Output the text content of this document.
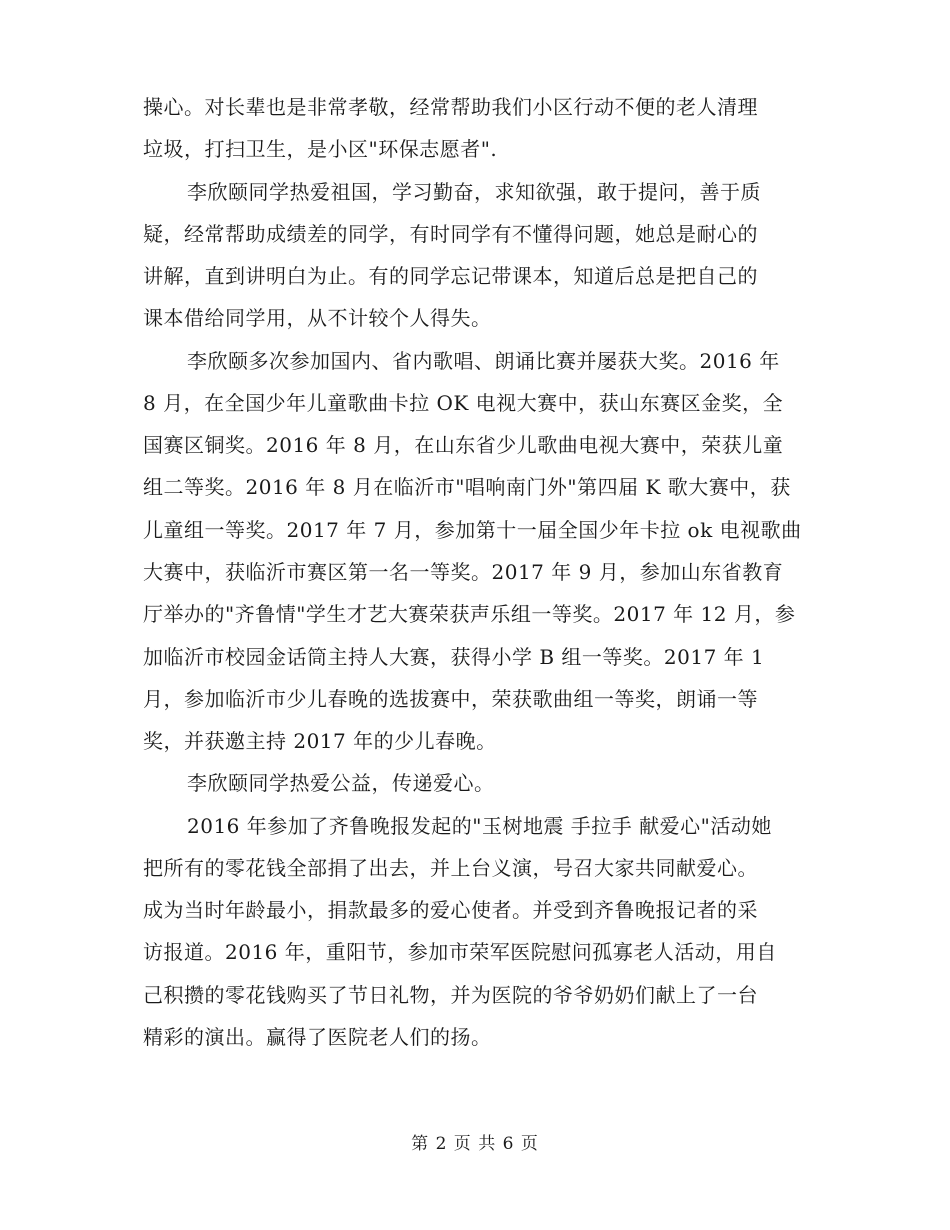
操心。对长辈也是非常孝敬，经常帮助我们小区行动不便的老人清理
垃圾，打扫卫生，是小区"环保志愿者".
李欣颐同学热爱祖国，学习勤奋，求知欲强，敢于提问，善于质
疑，经常帮助成绩差的同学，有时同学有不懂得问题，她总是耐心的
讲解，直到讲明白为止。有的同学忘记带课本，知道后总是把自己的
课本借给同学用，从不计较个人得失。
李欣颐多次参加国内、省内歌唱、朗诵比赛并屡获大奖。2016 年
8 月，在全国少年儿童歌曲卡拉 OK 电视大赛中，获山东赛区金奖，全
国赛区铜奖。2016 年 8 月，在山东省少儿歌曲电视大赛中，荣获儿童
组二等奖。2016 年 8 月在临沂市"唱响南门外"第四届 K 歌大赛中，获
儿童组一等奖。2017 年 7 月，参加第十一届全国少年卡拉 ok 电视歌曲
大赛中，获临沂市赛区第一名一等奖。2017 年 9 月，参加山东省教育
厅举办的"齐鲁情"学生才艺大赛荣获声乐组一等奖。2017 年 12 月，参
加临沂市校园金话筒主持人大赛，获得小学 B 组一等奖。2017 年 1
月，参加临沂市少儿春晚的选拔赛中，荣获歌曲组一等奖，朗诵一等
奖，并获邀主持 2017 年的少儿春晚。
李欣颐同学热爱公益，传递爱心。
2016 年参加了齐鲁晚报发起的"玉树地震 手拉手 献爱心"活动她
把所有的零花钱全部捐了出去，并上台义演，号召大家共同献爱心。
成为当时年龄最小，捐款最多的爱心使者。并受到齐鲁晚报记者的采
访报道。2016 年，重阳节，参加市荣军医院慰问孤寡老人活动，用自
己积攒的零花钱购买了节日礼物，并为医院的爷爷奶奶们献上了一台
精彩的演出。赢得了医院老人们的扬。
第 2 页 共 6 页
